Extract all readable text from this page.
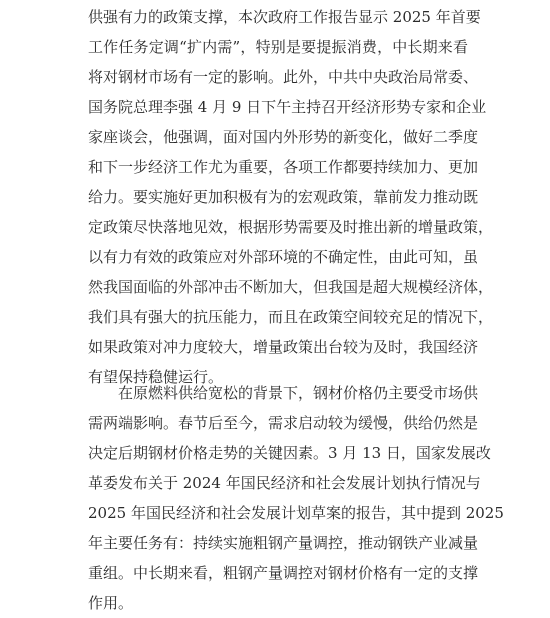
供强有力的政策支撑，本次政府工作报告显示 2025 年首要
工作任务定调“扩内需”，特别是要提振消费，中长期来看
将对钢材市场有一定的影响。此外，中共中央政治局常委、
国务院总理李强 4 月 9 日下午主持召开经济形势专家和企业
家座谈会，他强调，面对国内外形势的新变化，做好二季度
和下一步经济工作尤为重要，各项工作都要持续加力、更加
给力。要实施好更加积极有为的宏观政策，靠前发力推动既
定政策尽快落地见效，根据形势需要及时推出新的增量政策，
以有力有效的政策应对外部环境的不确定性，由此可知，虽
然我国面临的外部冲击不断加大，但我国是超大规模经济体，
我们具有强大的抗压能力，而且在政策空间较充足的情况下，
如果政策对冲力度较大，增量政策出台较为及时，我国经济
有望保持稳健运行。
在原燃料供给宽松的背景下，钢材价格仍主要受市场供
需两端影响。春节后至今，需求启动较为缓慢，供给仍然是
决定后期钢材价格走势的关键因素。3 月 13 日，国家发展改
革委发布关于 2024 年国民经济和社会发展计划执行情况与
2025 年国民经济和社会发展计划草案的报告，其中提到 2025
年主要任务有：持续实施粗钢产量调控，推动钢铁产业减量
重组。中长期来看，粗钢产量调控对钢材价格有一定的支撑
作用。
